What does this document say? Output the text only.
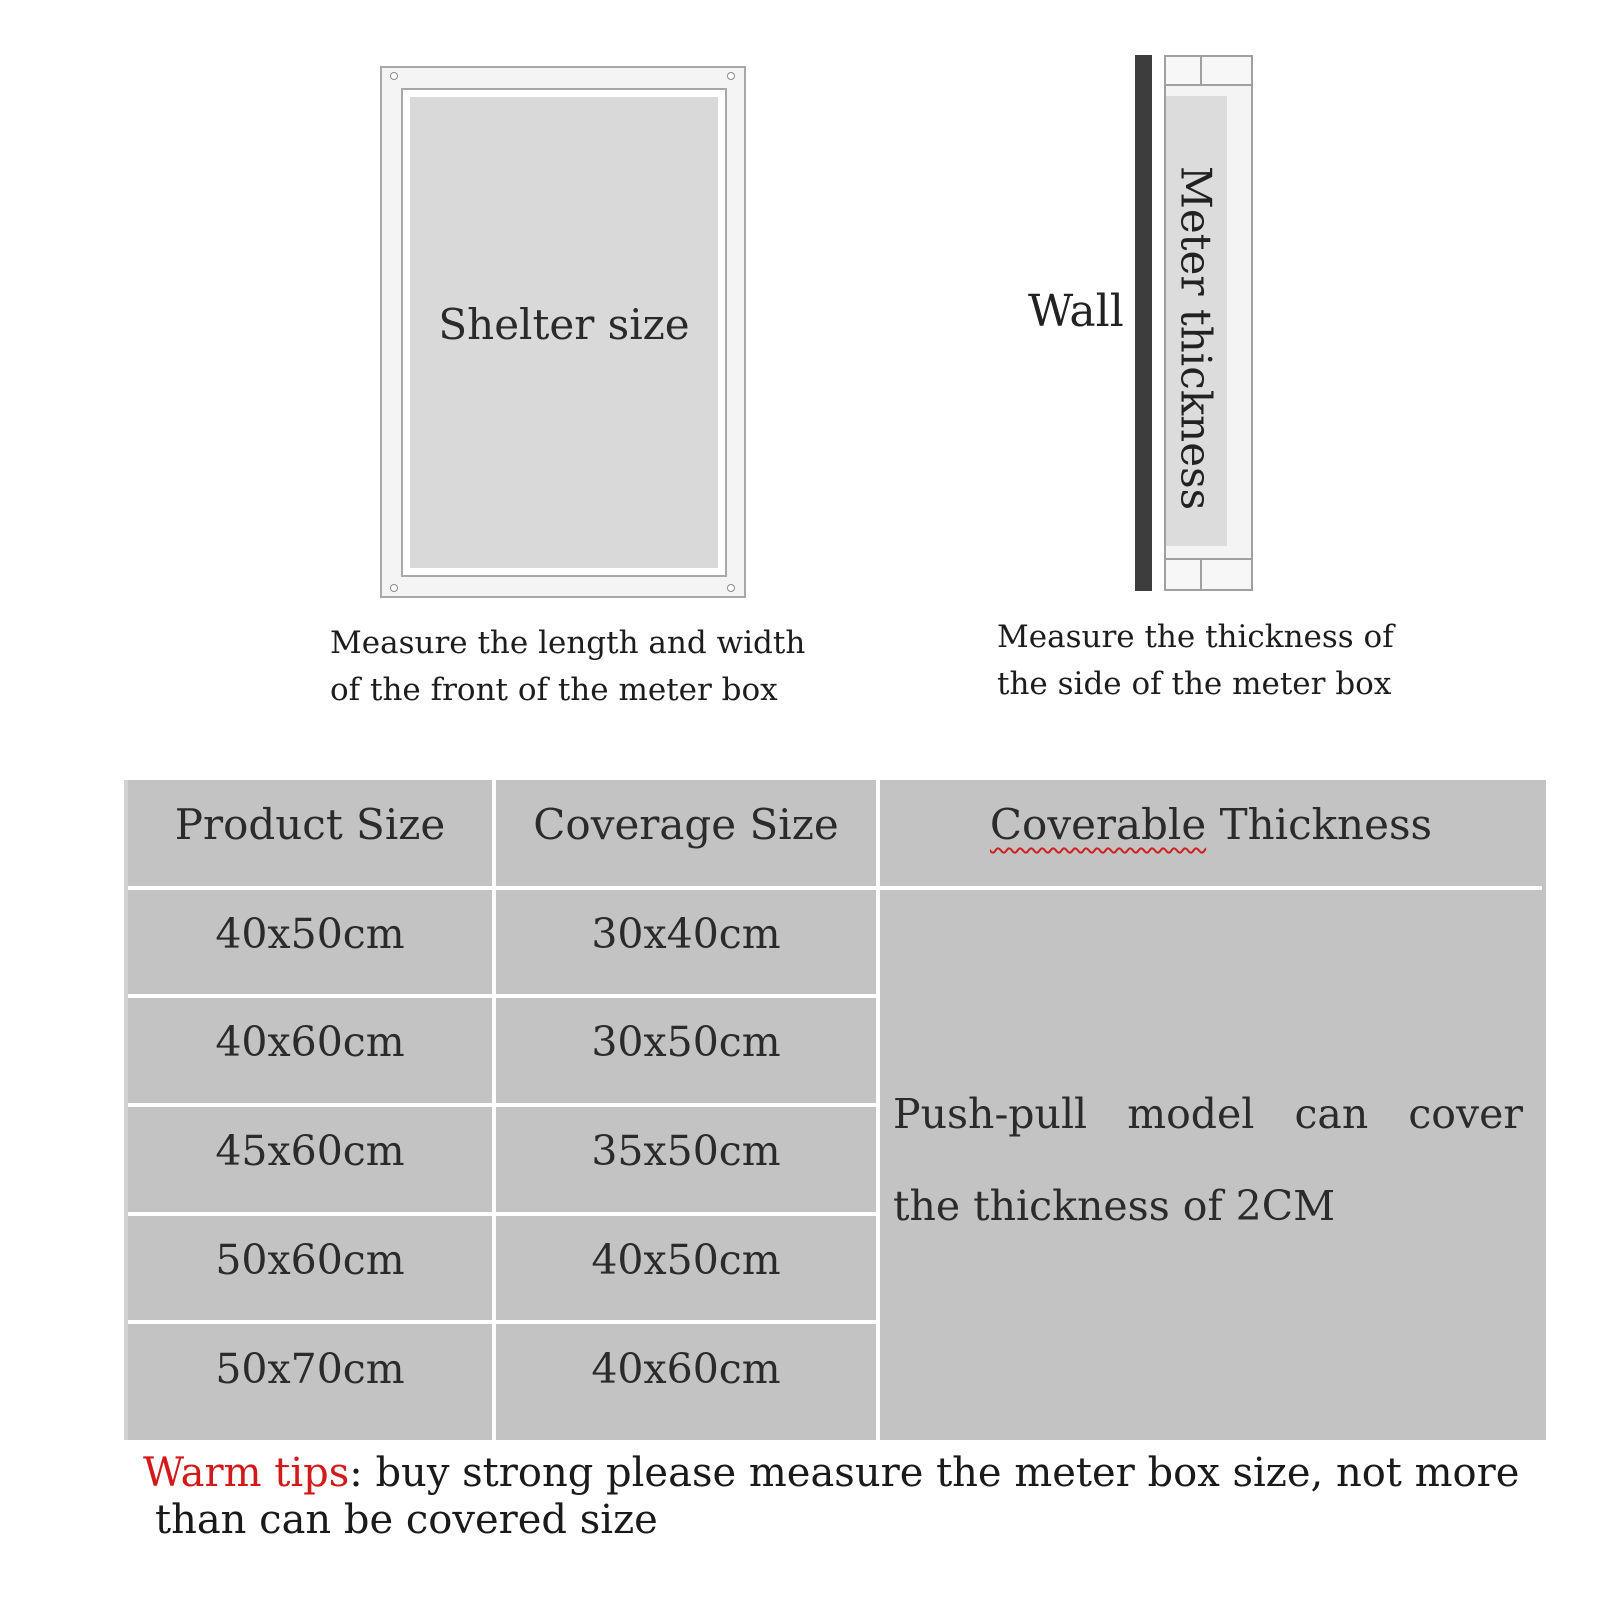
Shelter size
Measure the length and width
of the front of the meter box
Wall Meter thickness
Measure the thickness of
the side of the meter box
Product Size	Coverage Size	Coverable Thickness
40x50cm	30x40cm
40x60cm	30x50cm
45x60cm	35x50cm
50x60cm	40x50cm
50x70cm	40x60cm
Push-pull model can cover
the thickness of 2CM
Warm tips: buy strong please measure the meter box size, not more
than can be covered size
